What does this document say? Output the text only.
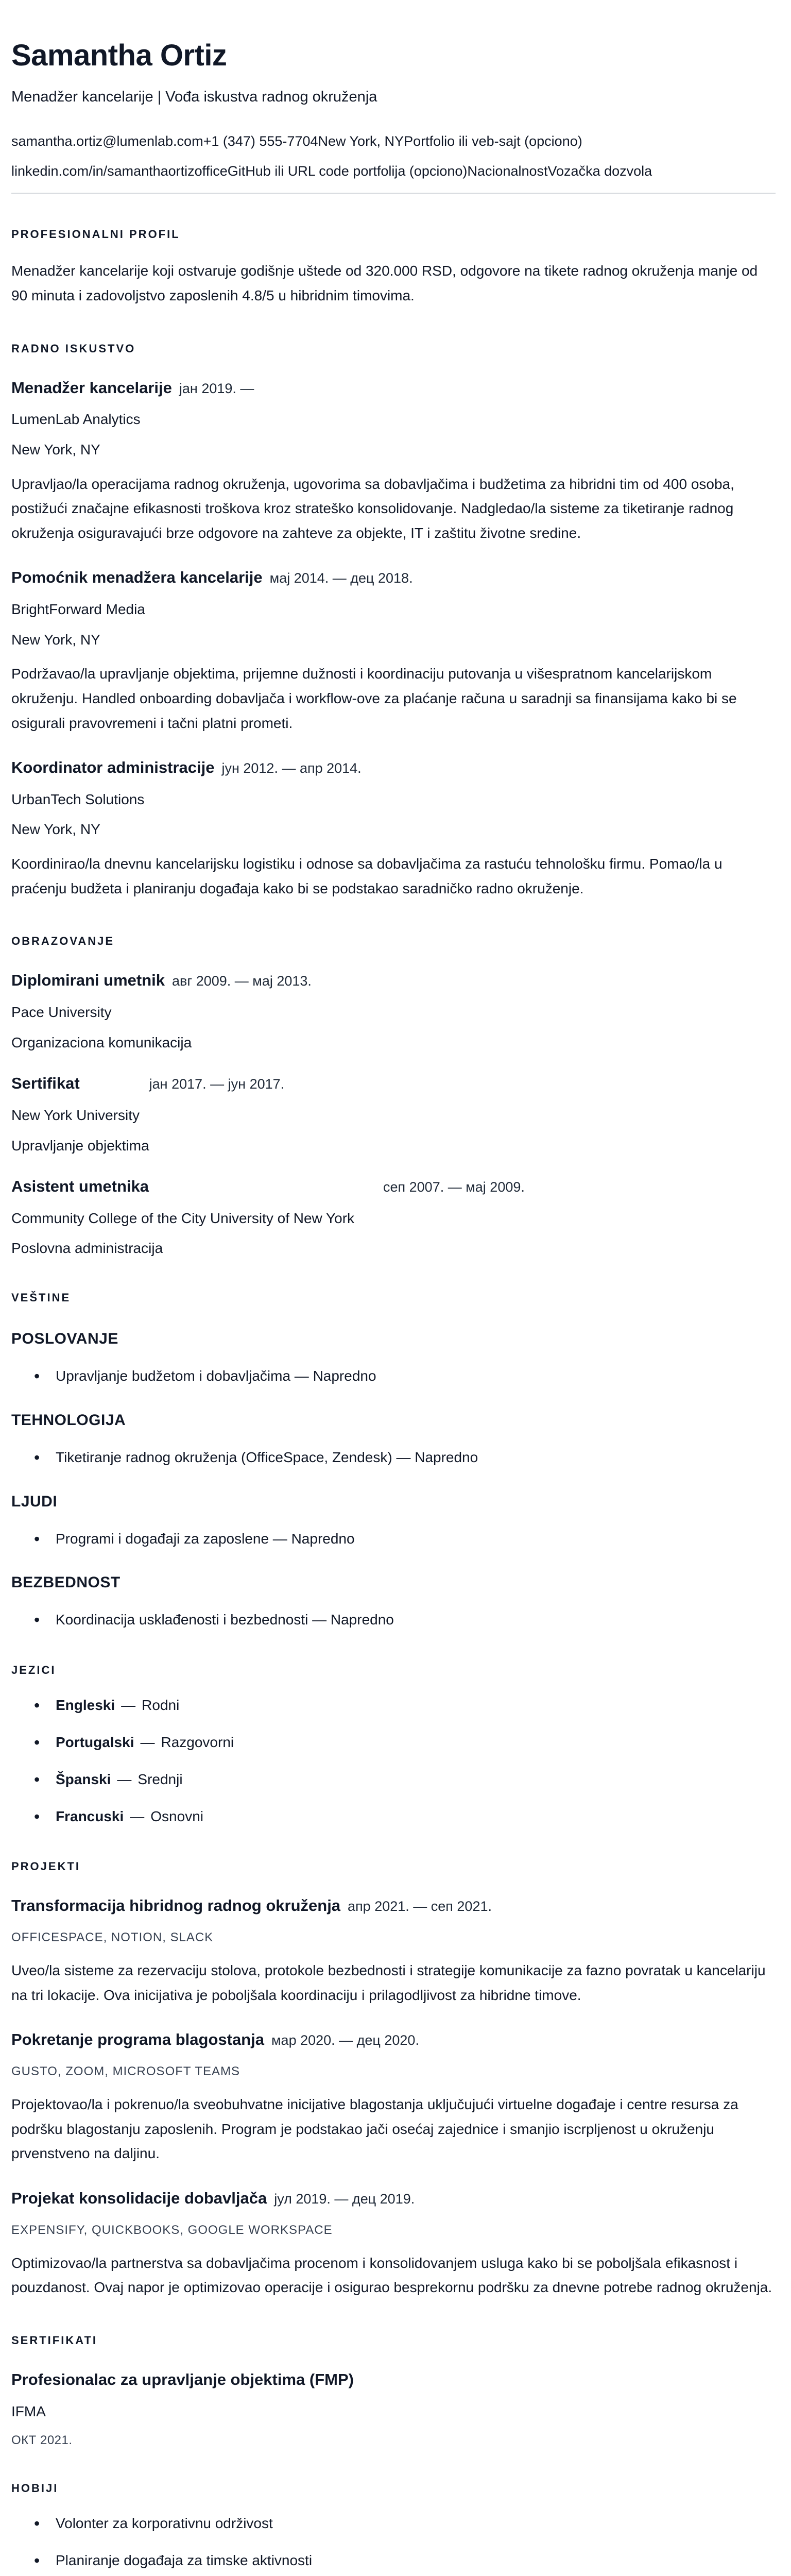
Samantha Ortiz
Menadžer kancelarije | Vođa iskustva radnog okruženja
samantha.ortiz@lumenlab.com+1 (347) 555-7704New York, NYPortfolio ili veb-sajt (opciono)
linkedin.com/in/samanthaortizofficeGitHub ili URL code portfolija (opciono)NacionalnostVozačka dozvola
PROFESIONALNI PROFIL

Menadžer kancelarije koji ostvaruje godišnje uštede od 320.000 RSD, odgovore na tikete radnog okruženja manje od 90 minuta i zadovoljstvo zaposlenih 4.8/5 u hibridnim timovima.

RADNO ISKUSTVO
Menadžer kancelarije јан 2019. —
LumenLab Analytics
New York, NY

Upravljao/la operacijama radnog okruženja, ugovorima sa dobavljačima i budžetima za hibridni tim od 400 osoba, postižući značajne efikasnosti troškova kroz strateško konsolidovanje. Nadgledao/la sisteme za tiketiranje radnog okruženja osiguravajući brze odgovore na zahteve za objekte, IT i zaštitu životne sredine.

Pomoćnik menadžera kancelarije мај 2014. — дец 2018.
BrightForward Media
New York, NY

Podržavao/la upravljanje objektima, prijemne dužnosti i koordinaciju putovanja u višespratnom kancelarijskom okruženju. Handled onboarding dobavljača i workflow-ove za plaćanje računa u saradnji sa finansijama kako bi se osigurali pravovremeni i tačni platni prometi.

Koordinator administracije јун 2012. — апр 2014.
UrbanTech Solutions
New York, NY

Koordinirao/la dnevnu kancelarijsku logistiku i odnose sa dobavljačima za rastuću tehnološku firmu. Pomao/la u praćenju budžeta i planiranju događaja kako bi se podstakao saradničko radno okruženje.

OBRAZOVANJE
Diplomirani umetnik авг 2009. — мај 2013.
Pace University
Organizaciona komunikacija
Sertifikat	јан 2017. — јун 2017.
New York University
Upravljanje objektima
Asistent umetnika	сеп 2007. — мај 2009.
Community College of the City University of New York
Poslovna administracija
VEŠTINE
POSLOVANJE
• Upravljanje budžetom i dobavljačima — Napredno
TEHNOLOGIJA
• Tiketiranje radnog okruženja (OfficeSpace, Zendesk) — Napredno
LJUDI
• Programi i događaji za zaposlene — Napredno
BEZBEDNOST
• Koordinacija usklađenosti i bezbednosti — Napredno
JEZICI
• Engleski — Rodni
• Portugalski — Razgovorni
• Španski — Srednji
• Francuski — Osnovni
PROJEKTI
Transformacija hibridnog radnog okruženja апр 2021. — сеп 2021.
OFFICESPACE, NOTION, SLACK

Uveo/la sisteme za rezervaciju stolova, protokole bezbednosti i strategije komunikacije za fazno povratak u kancelariju na tri lokacije. Ova inicijativa je poboljšala koordinaciju i prilagodljivost za hibridne timove.

Pokretanje programa blagostanja мар 2020. — дец 2020.
GUSTO, ZOOM, MICROSOFT TEAMS

Projektovao/la i pokrenuo/la sveobuhvatne inicijative blagostanja uključujući virtuelne događaje i centre resursa za podršku blagostanju zaposlenih. Program je podstakao jači osećaj zajednice i smanjio iscrpljenost u okruženju prvenstveno na daljinu.

Projekat konsolidacije dobavljača јул 2019. — дец 2019.
EXPENSIFY, QUICKBOOKS, GOOGLE WORKSPACE

Optimizovao/la partnerstva sa dobavljačima procenom i konsolidovanjem usluga kako bi se poboljšala efikasnost i pouzdanost. Ovaj napor je optimizovao operacije i osigurao besprekornu podršku za dnevne potrebe radnog okruženja.

SERTIFIKATI
Profesionalac za upravljanje objektima (FMP)
IFMA
ОКТ 2021.
HOBIJI
• Volonter za korporativnu održivost
• Planiranje događaja za timske aktivnosti
